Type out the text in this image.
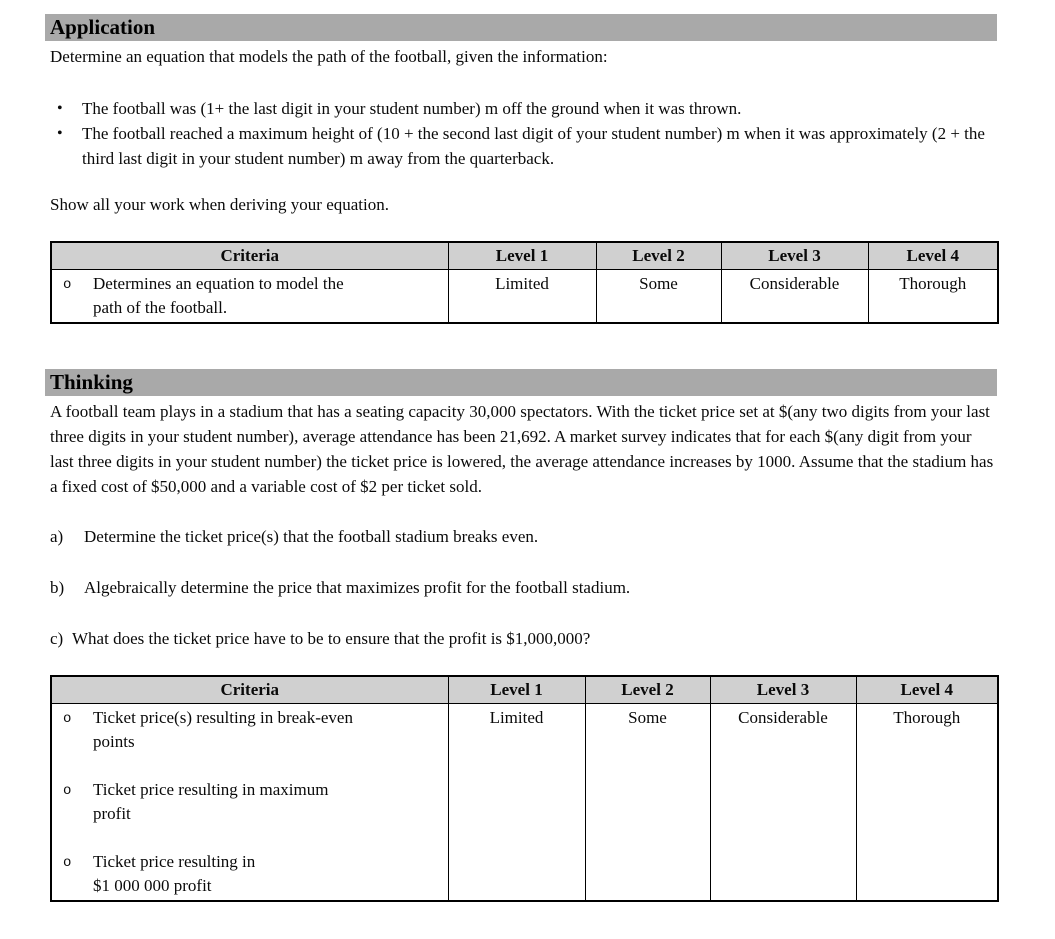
Application

Determine an equation that models the path of the football, given the information:

• The football was (1+ the last digit in your student number) m off the ground when it was thrown.
• The football reached a maximum height of (10 + the second last digit of your student number) m when it was approximately (2 + the third last digit in your student number) m away from the quarterback.

Show all your work when deriving your equation.

Criteria	Level 1	Level 2	Level 3	Level 4

o Determines an equation to model the
path of the football.	Limited	Some	Considerable	Thorough
Thinking

A football team plays in a stadium that has a seating capacity 30,000 spectators. With the ticket price set at $(any two digits from your last three digits in your student number), average attendance has been 21,692. A market survey indicates that for each $(any digit from your last three digits in your student number) the ticket price is lowered, the average attendance increases by 1000. Assume that the stadium has a fixed cost of $50,000 and a variable cost of $2 per ticket sold.

a) Determine the ticket price(s) that the football stadium breaks even.

b) Algebraically determine the price that maximizes profit for the football stadium.

c) What does the ticket price have to be to ensure that the profit is $1,000,000?

Criteria	Level 1	Level 2	Level 3	Level 4

o Ticket price(s) resulting in break-even
points
o Ticket price resulting in maximum
profit
o Ticket price resulting in
$1 000 000 profit
	Limited	Some	Considerable	Thorough
